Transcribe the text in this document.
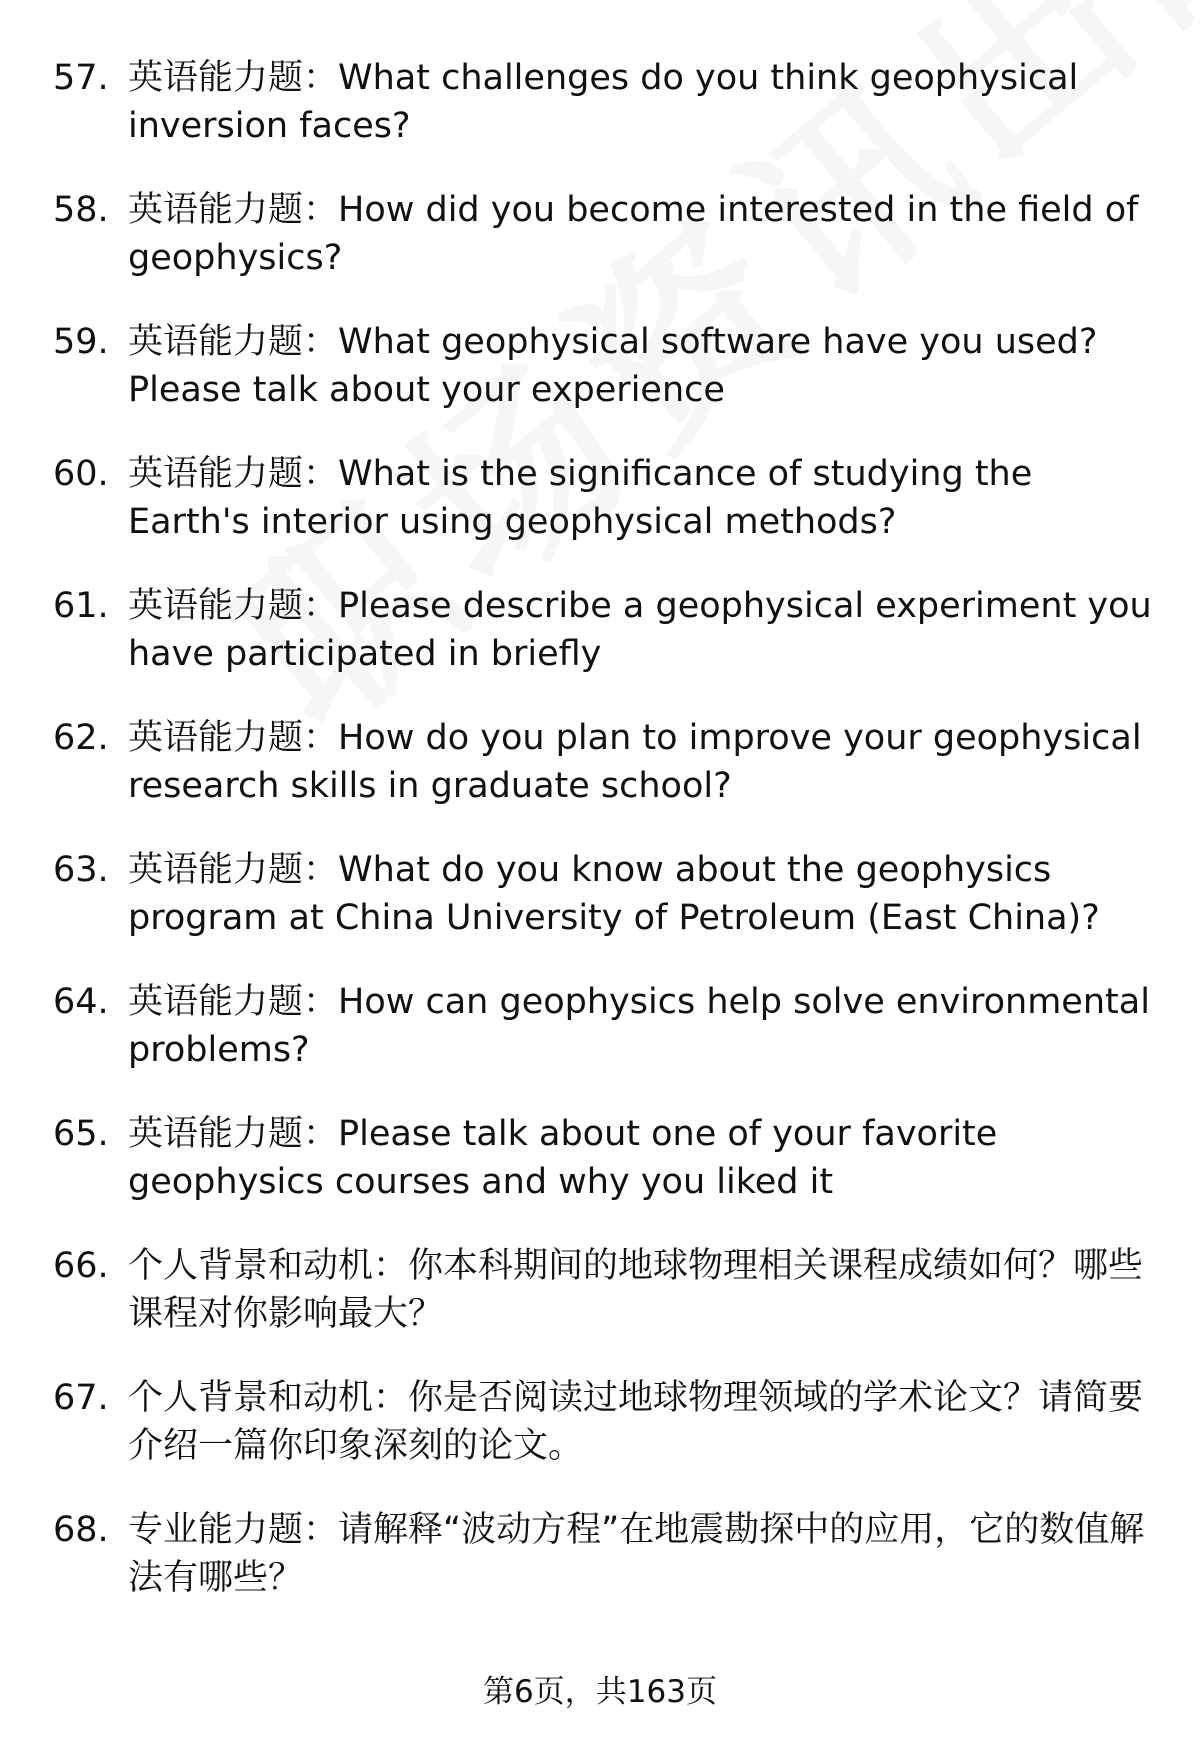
57. 英语能力题：What challenges do you think geophysical inversion faces?
58. 英语能力题：How did you become interested in the field of geophysics?
59. 英语能力题：What geophysical software have you used? Please talk about your experience
60. 英语能力题：What is the significance of studying the Earth's interior using geophysical methods?
61. 英语能力题：Please describe a geophysical experiment you have participated in briefly
62. 英语能力题：How do you plan to improve your geophysical research skills in graduate school?
63. 英语能力题：What do you know about the geophysics program at China University of Petroleum (East China)?
64. 英语能力题：How can geophysics help solve environmental problems?
65. 英语能力题：Please talk about one of your favorite geophysics courses and why you liked it
66. 个人背景和动机：你本科期间的地球物理相关课程成绩如何？哪些课程对你影响最大？
67. 个人背景和动机：你是否阅读过地球物理领域的学术论文？请简要介绍一篇你印象深刻的论文。
68. 专业能力题：请解释“波动方程”在地震勘探中的应用，它的数值解法有哪些？
第6页，共163页
